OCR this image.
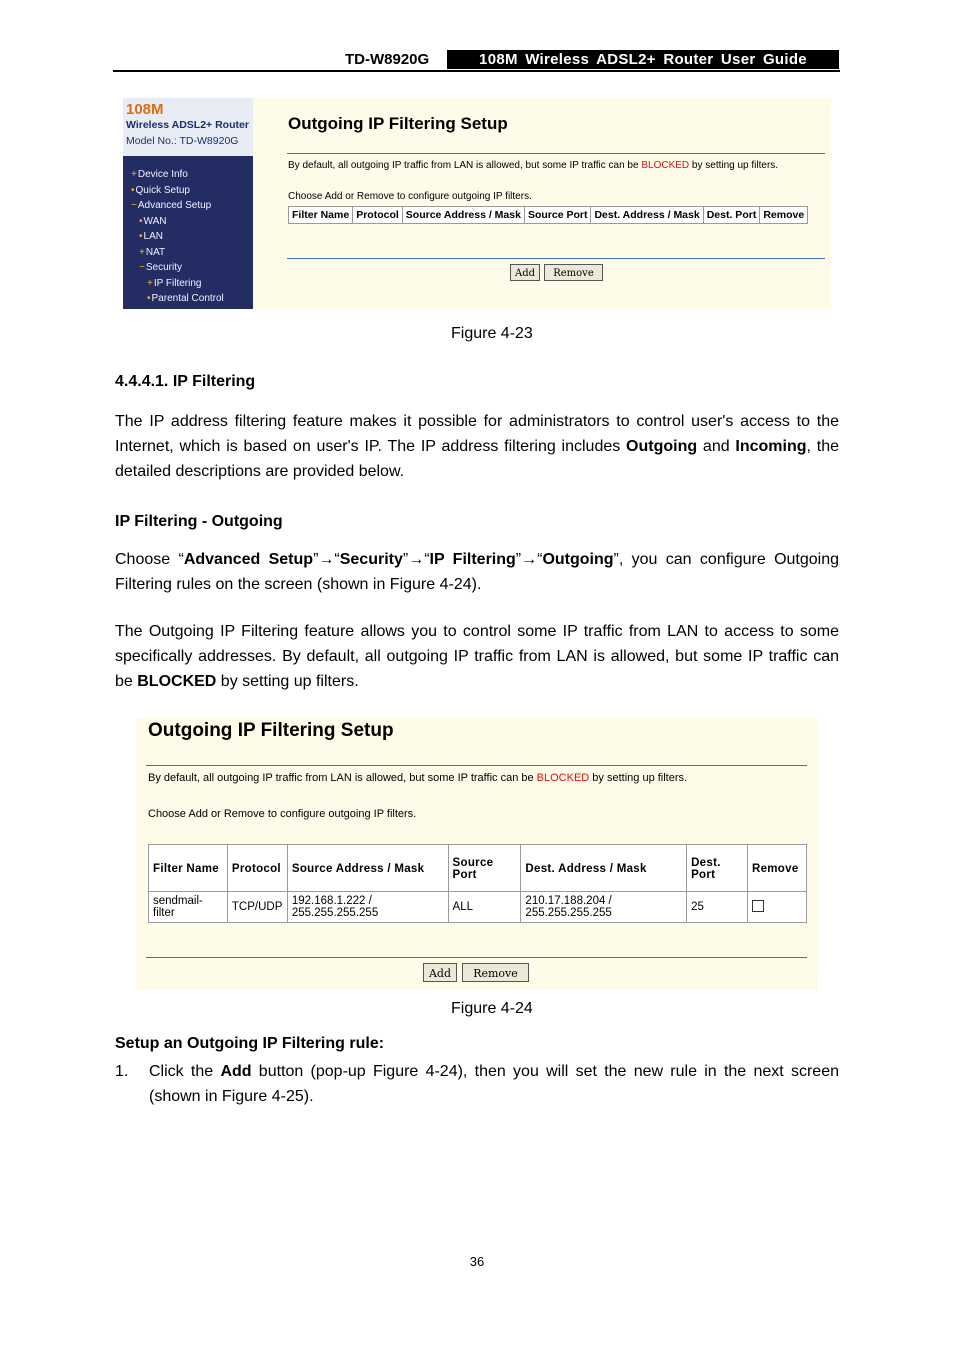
TD-W8920G	108M Wireless ADSL2+ Router User Guide
108M
Wireless ADSL2+ Router
Model No.: TD-W8920G
+Device Info
•Quick Setup
−Advanced Setup
•WAN
•LAN
+NAT
−Security
+IP Filtering
•Parental Control
Outgoing IP Filtering Setup
By default, all outgoing IP traffic from LAN is allowed, but some IP traffic can be BLOCKED by setting up filters.
Choose Add or Remove to configure outgoing IP filters.
Filter Name	Protocol	Source Address / Mask	Source Port	Dest. Address / Mask	Dest. Port	Remove
Add	Remove
Figure 4-23
4.4.4.1. IP Filtering
The IP address filtering feature makes it possible for administrators to control user's access to the Internet, which is based on user's IP. The IP address filtering includes Outgoing and Incoming, the detailed descriptions are provided below.
IP Filtering - Outgoing
Choose “Advanced Setup”→“Security”→“IP Filtering”→“Outgoing”, you can configure Outgoing Filtering rules on the screen (shown in Figure 4-24).
The Outgoing IP Filtering feature allows you to control some IP traffic from LAN to access to some specifically addresses. By default, all outgoing IP traffic from LAN is allowed, but some IP traffic can be BLOCKED by setting up filters.
Outgoing IP Filtering Setup
By default, all outgoing IP traffic from LAN is allowed, but some IP traffic can be BLOCKED by setting up filters.
Choose Add or Remove to configure outgoing IP filters.
Filter Name	Protocol	Source Address / Mask	Source Port	Dest. Address / Mask	Dest. Port	Remove
sendmail-filter	TCP/UDP	192.168.1.222 / 255.255.255.255	ALL	210.17.188.204 / 255.255.255.255	25	
Add	Remove
Figure 4-24
Setup an Outgoing IP Filtering rule:
1. Click the Add button (pop-up Figure 4-24), then you will set the new rule in the next screen (shown in Figure 4-25).
36
